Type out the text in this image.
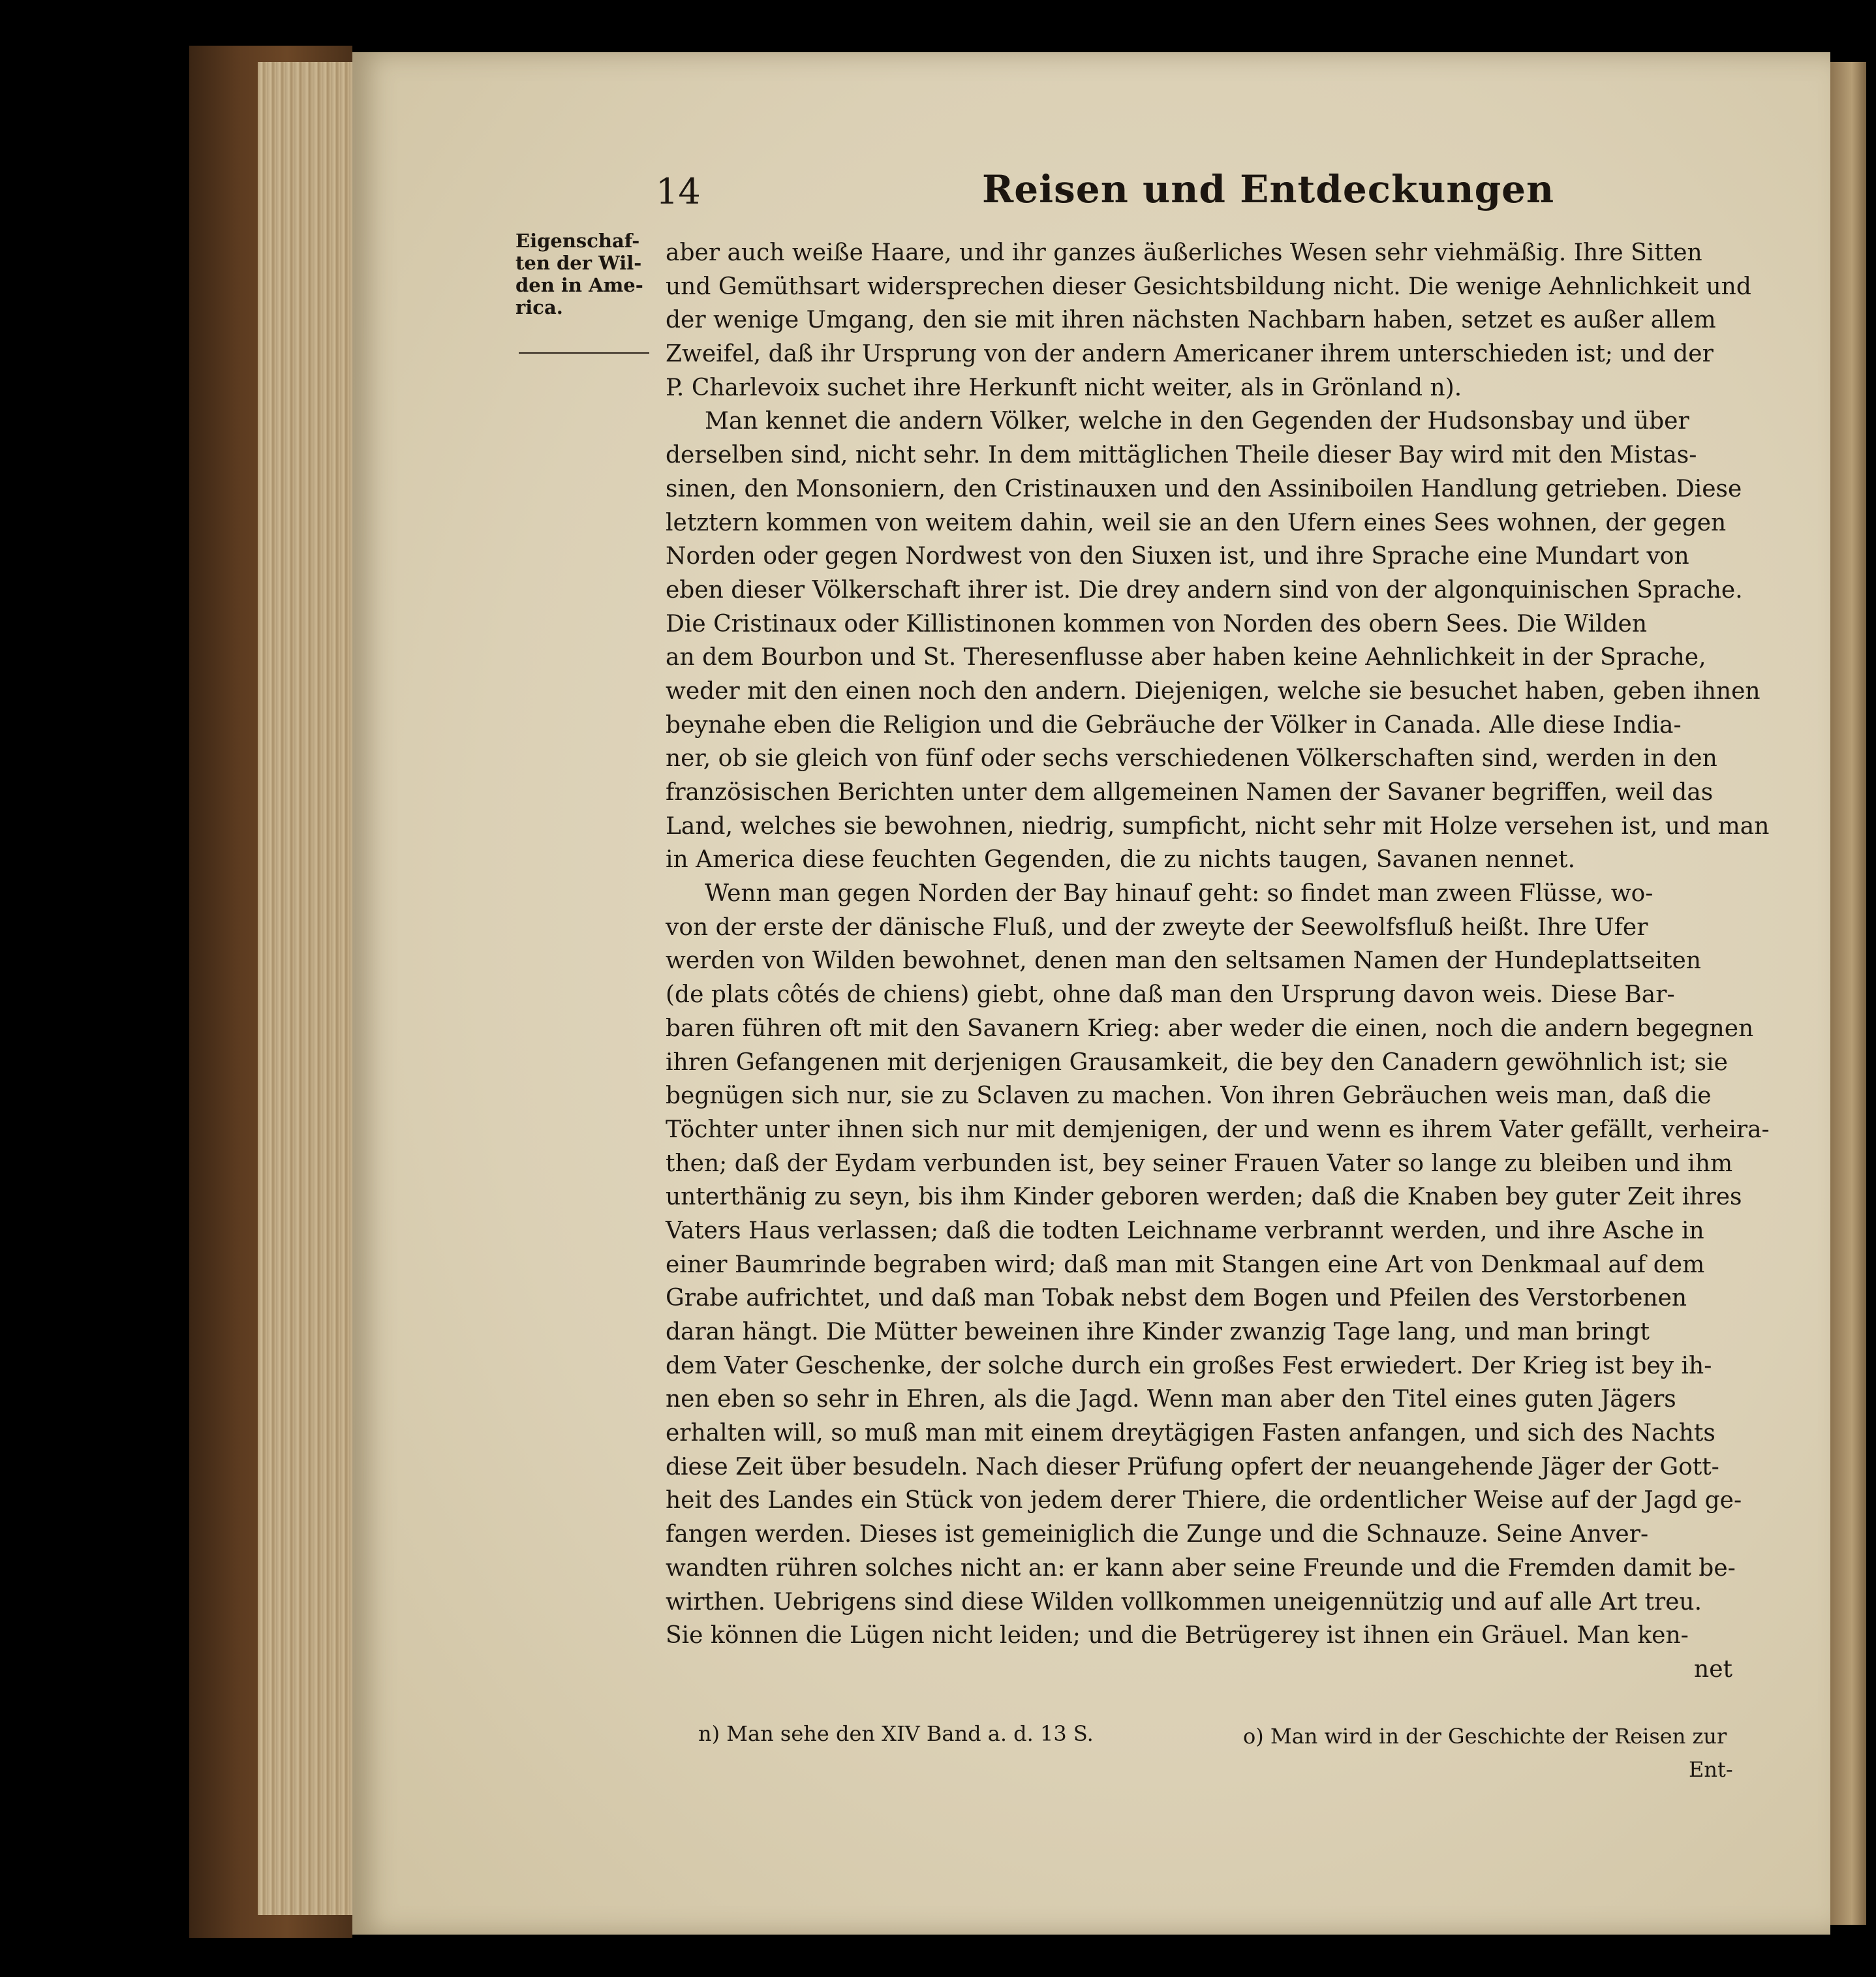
14	Reisen und Entdeckungen
Eigenschaf-
ten der Wil-
den in Ame-
rica.
aber auch weiße Haare, und ihr ganzes äußerliches Wesen sehr viehmäßig. Ihre Sitten
und Gemüthsart widersprechen dieser Gesichtsbildung nicht. Die wenige Aehnlichkeit und
der wenige Umgang, den sie mit ihren nächsten Nachbarn haben, setzet es außer allem
Zweifel, daß ihr Ursprung von der andern Americaner ihrem unterschieden ist; und der
P. Charlevoix suchet ihre Herkunft nicht weiter, als in Grönland n).
Man kennet die andern Völker, welche in den Gegenden der Hudsonsbay und über
derselben sind, nicht sehr. In dem mittäglichen Theile dieser Bay wird mit den Mistas-
sinen, den Monsoniern, den Cristinauxen und den Assiniboilen Handlung getrieben. Diese
letztern kommen von weitem dahin, weil sie an den Ufern eines Sees wohnen, der gegen
Norden oder gegen Nordwest von den Siuxen ist, und ihre Sprache eine Mundart von
eben dieser Völkerschaft ihrer ist. Die drey andern sind von der algonquinischen Sprache.
Die Cristinaux oder Killistinonen kommen von Norden des obern Sees. Die Wilden
an dem Bourbon und St. Theresenflusse aber haben keine Aehnlichkeit in der Sprache,
weder mit den einen noch den andern. Diejenigen, welche sie besuchet haben, geben ihnen
beynahe eben die Religion und die Gebräuche der Völker in Canada. Alle diese India-
ner, ob sie gleich von fünf oder sechs verschiedenen Völkerschaften sind, werden in den
französischen Berichten unter dem allgemeinen Namen der Savaner begriffen, weil das
Land, welches sie bewohnen, niedrig, sumpficht, nicht sehr mit Holze versehen ist, und man
in America diese feuchten Gegenden, die zu nichts taugen, Savanen nennet.
Wenn man gegen Norden der Bay hinauf geht: so findet man zween Flüsse, wo-
von der erste der dänische Fluß, und der zweyte der Seewolfsfluß heißt. Ihre Ufer
werden von Wilden bewohnet, denen man den seltsamen Namen der Hundeplattseiten
(de plats côtés de chiens) giebt, ohne daß man den Ursprung davon weis. Diese Bar-
baren führen oft mit den Savanern Krieg: aber weder die einen, noch die andern begegnen
ihren Gefangenen mit derjenigen Grausamkeit, die bey den Canadern gewöhnlich ist; sie
begnügen sich nur, sie zu Sclaven zu machen. Von ihren Gebräuchen weis man, daß die
Töchter unter ihnen sich nur mit demjenigen, der und wenn es ihrem Vater gefällt, verheira-
then; daß der Eydam verbunden ist, bey seiner Frauen Vater so lange zu bleiben und ihm
unterthänig zu seyn, bis ihm Kinder geboren werden; daß die Knaben bey guter Zeit ihres
Vaters Haus verlassen; daß die todten Leichname verbrannt werden, und ihre Asche in
einer Baumrinde begraben wird; daß man mit Stangen eine Art von Denkmaal auf dem
Grabe aufrichtet, und daß man Tobak nebst dem Bogen und Pfeilen des Verstorbenen
daran hängt. Die Mütter beweinen ihre Kinder zwanzig Tage lang, und man bringt
dem Vater Geschenke, der solche durch ein großes Fest erwiedert. Der Krieg ist bey ih-
nen eben so sehr in Ehren, als die Jagd. Wenn man aber den Titel eines guten Jägers
erhalten will, so muß man mit einem dreytägigen Fasten anfangen, und sich des Nachts
diese Zeit über besudeln. Nach dieser Prüfung opfert der neuangehende Jäger der Gott-
heit des Landes ein Stück von jedem derer Thiere, die ordentlicher Weise auf der Jagd ge-
fangen werden. Dieses ist gemeiniglich die Zunge und die Schnauze. Seine Anver-
wandten rühren solches nicht an: er kann aber seine Freunde und die Fremden damit be-
wirthen. Uebrigens sind diese Wilden vollkommen uneigennützig und auf alle Art treu.
Sie können die Lügen nicht leiden; und die Betrügerey ist ihnen ein Gräuel. Man ken-
net
n) Man sehe den XIV Band a. d. 13 S.	o) Man wird in der Geschichte der Reisen zur
Ent-
